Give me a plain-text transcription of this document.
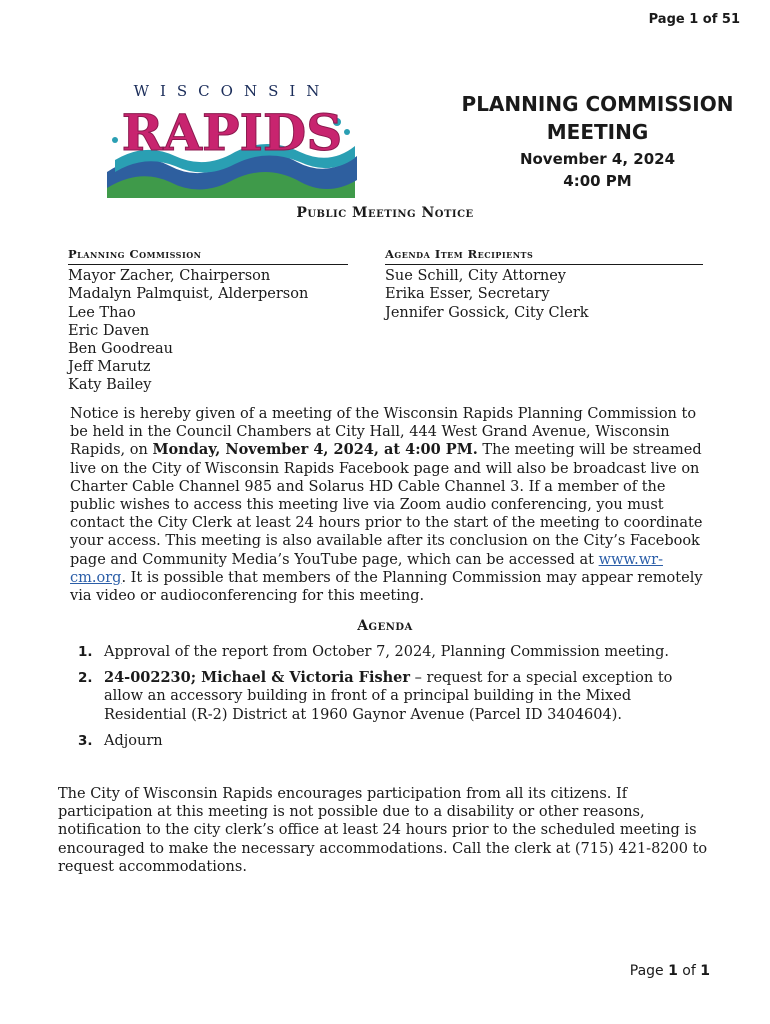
Page 1 of 51
WISCONSIN
RAPIDS	PLANNING COMMISSION
MEETING
November 4, 2024
4:00 PM
Public Meeting Notice
Planning Commission
Mayor Zacher, Chairperson
Madalyn Palmquist, Alderperson
Lee Thao
Eric Daven
Ben Goodreau
Jeff Marutz
Katy Bailey
Agenda Item Recipients
Sue Schill, City Attorney
Erika Esser, Secretary
Jennifer Gossick, City Clerk
Notice is hereby given of a meeting of the Wisconsin Rapids Planning Commission to be held in the Council Chambers at City Hall, 444 West Grand Avenue, Wisconsin Rapids, on Monday, November 4, 2024, at 4:00 PM. The meeting will be streamed live on the City of Wisconsin Rapids Facebook page and will also be broadcast live on Charter Cable Channel 985 and Solarus HD Cable Channel 3. If a member of the public wishes to access this meeting live via Zoom audio conferencing, you must contact the City Clerk at least 24 hours prior to the start of the meeting to coordinate your access. This meeting is also available after its conclusion on the City’s Facebook page and Community Media’s YouTube page, which can be accessed at www.wr-cm.org. It is possible that members of the Planning Commission may appear remotely via video or audioconferencing for this meeting.
Agenda
1. Approval of the report from October 7, 2024, Planning Commission meeting.
2. 24-002230; Michael & Victoria Fisher – request for a special exception to allow an accessory building in front of a principal building in the Mixed Residential (R-2) District at 1960 Gaynor Avenue (Parcel ID 3404604).
3. Adjourn
The City of Wisconsin Rapids encourages participation from all its citizens. If participation at this meeting is not possible due to a disability or other reasons, notification to the city clerk’s office at least 24 hours prior to the scheduled meeting is encouraged to make the necessary accommodations. Call the clerk at (715) 421-8200 to request accommodations.
Page 1 of 1
